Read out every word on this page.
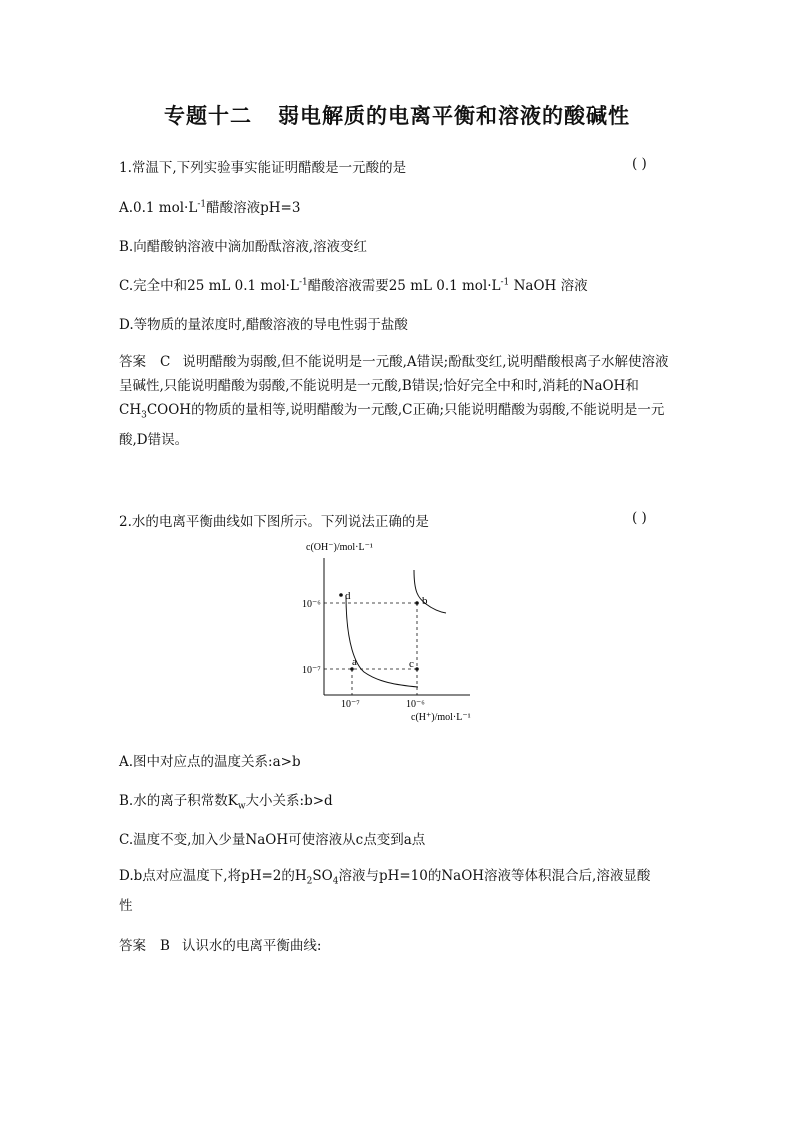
专题十二 弱电解质的电离平衡和溶液的酸碱性
1.常温下,下列实验事实能证明醋酸是一元酸的是	( )
A.0.1 $mol\cdot L^{-1}$醋酸溶液pH=3
B.向醋酸钠溶液中滴加酚酞溶液,溶液变红
C.完全中和25 mL 0.1 $mol\cdot L^{-1}$醋酸溶液需要25 mL 0.1 $mol\cdot L^{-1}$ NaOH 溶液
D.等物质的量浓度时,醋酸溶液的导电性弱于盐酸
答案 C 说明醋酸为弱酸,但不能说明是一元酸,A错误;酚酞变红,说明醋酸根离子水解使溶液呈碱性,只能说明醋酸为弱酸,不能说明是一元酸,B错误;恰好完全中和时,消耗的NaOH和$CH_3COOH$的物质的量相等,说明醋酸为一元酸,C正确;只能说明醋酸为弱酸,不能说明是一元酸,D错误。
2.水的电离平衡曲线如下图所示。下列说法正确的是	( )
d	b
a	c
10⁻⁶
10⁻⁷
10⁻⁷	10⁻⁶
c(OH⁻)/mol·L⁻¹
c(H⁺)/mol·L⁻¹
A.图中对应点的温度关系:a>b
B.水的离子积常数$K_w$大小关系:b>d
C.温度不变,加入少量NaOH可使溶液从c点变到a点
D.b点对应温度下,将pH=2的$H_2SO_4$溶液与pH=10的NaOH溶液等体积混合后,溶液显酸
性
答案 B 认识水的电离平衡曲线:
